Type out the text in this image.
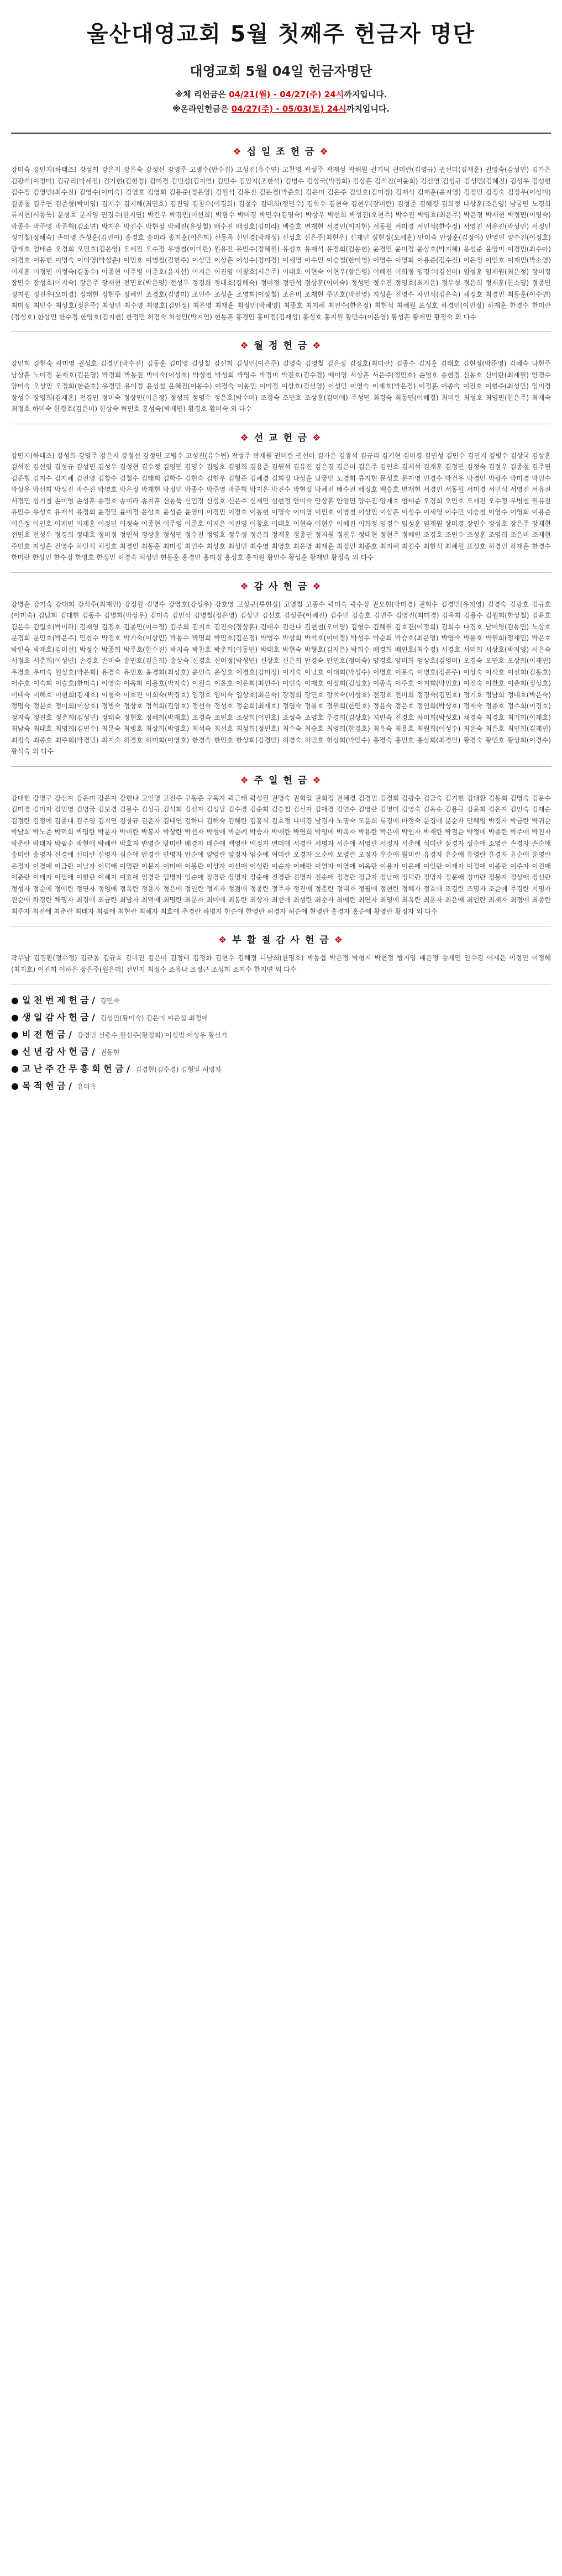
울산대영교회 5월 첫째주 헌금자 명단
대영교회 5월 04일 헌금자명단
※체 리헌금은 04/21(월) - 04/27(주) 24시까지입니다.
※온라인헌금은 04/27(주) - 05/03(토) 24시까지입니다.
❖ 십 일 조 헌 금 ❖
강미숙 강민지(하태조) 강성희 강은지 강은숙 강정선 강영주 고병수(안수집) 고성진(유수연) 고찬영 곽성주 곽재성 곽해원 권기덕 권미란(김영규) 권선미(김재훈) 권영숙(강성민) 김가은 김광석(이정미) 김규리(박세진) 김기현(김현정) 김미경 김민성(김지연) 김민수 김민지(조한석) 김병수 김상국(박정희) 김상훈 김석진(이윤희) 김선영 김성규 김성민(김혜진) 김성우 김성현 김수정 김영민(최수진) 김영수(이미숙) 김영호 김영희 김용준(정은영) 김원석 김유진 김은경(박준호) 김은미 김은주 김인호(김미정) 김재석 김재훈(윤지영) 김정민 김정숙 김정우(이상미) 김종철 김주연 김준형(박미영) 김지수 김지혜(최민호) 김진영 김창수(이경희) 김철수 김태희(정민수) 김학수 김현숙 김현우(장미란) 김형준 김혜경 김희정 나상훈(조은영) 남궁민 노경희 류지현(서동욱) 문성호 문지영 민경수(한지연) 박건우 박경민(이선희) 박광수 박미경 박민수(김영숙) 박상우 박선희 박성진(오현주) 박수진 박영호(최은주) 박은정 박재현 박정민(이영숙) 박종수 박주영 박준혁(김소연) 박지은 박진수 박현정 박혜진(윤상철) 배수진 배정호(김미라) 백승호 변재현 서경민(이지현) 서동원 서미경 서민석(한수정) 서영진 서유진(박성민) 서정민 성기철(정해숙) 손미영 손성훈(김민아) 송경호 송미라 송지훈(이은희) 신동욱 신민경(박재성) 신성호 신은주(최현우) 신재민 심현정(오세훈) 안미숙 안상훈(김정아) 안영민 양수진(이정호) 양재호 엄태준 오경희 오민호(김은영) 오세진 오수정 우병철(이미란) 원유진 유민수(정혜원) 유성호 유재석 유정희(김동현) 윤경민 윤미정 윤상호(박지혜) 윤성준 윤영미 이경민(최수아) 이경호 이동현 이명숙 이미영(박상훈) 이민호 이병철(김현주) 이상민 이상훈 이성수(정미경) 이세영 이수민 이승철(한미영) 이영수 이영희 이용준(김수진) 이은정 이인호 이재민(박소영) 이재훈 이정민 이정숙(김동수) 이종현 이주영 이준호(윤지선) 이지은 이진영 이창호(서은주) 이태호 이현숙 이현우(장은영) 이혜진 이희정 임경수(김선미) 임성훈 임재원(최은정) 장미경 장민수 장성호(이지숙) 장은주 장재현 전민호(박은영) 전성우 정경희 정대호(김혜숙) 정미정 정민석 정상훈(이미숙) 정성민 정수진 정영호(최지은) 정우성 정은희 정재훈(한소영) 정종민 정지원 정진우(오미경) 정태현 정현주 정혜인 조경호(김영미) 조민수 조성훈 조영희(이상철) 조은비 조재현 주민호(박선영) 지성훈 진영수 차민석(김은숙) 채정호 최경민 최동훈(이수연) 최미정 최민수 최상호(정은주) 최성민 최수영 최영호(김민정) 최은영 최재훈 최정민(박혜영) 최종호 최지혜 최진수(한은정) 최현석 최혜원 표성호 하경민(이민정) 하재훈 한경수 한미란(정성호) 한상민 한수정 한영호(김지현) 한정민 허경숙 허성민(박지연) 현동훈 홍경민 홍미정(김재성) 홍성호 홍지원 황민수(이은영) 황성훈 황재민 황정숙 외 다수
❖ 월 정 헌 금 ❖
강민희 강현숙 곽미영 권성호 김경민(박수진) 김동훈 김미영 김상철 김선희 김성민(이은주) 김영숙 김영철 김은정 김정호(최미란) 김종수 김지훈 김태호 김현정(박준영) 김혜숙 나현주 남상훈 노미경 문재호(김은영) 박경희 박동진 박미숙(이성호) 박상철 박성희 박영수 박정미 박진호(김수경) 배미영 서상훈 서은주(정민호) 손영호 송현정 신동호 신미란(최재원) 안경수 양미숙 오상민 오정희(한준호) 유경민 유미정 윤성철 윤혜진(이동수) 이경숙 이동민 이미정 이상호(김선영) 이성민 이영숙 이재호(박은정) 이정훈 이종숙 이진호 이현주(최성민) 임미경 장성수 장영희(김재훈) 전경민 정미숙 정상민(이은정) 정성희 정영수 정은호(박수미) 조경숙 조민호 조상훈(김미애) 주성민 최경숙 최동민(이혜경) 최미란 최성호 최영민(한은주) 최재숙 최정호 하미숙 한경호(김은미) 한상숙 허민호 홍성숙(박재민) 황경호 황미숙 외 다수
❖ 선 교 헌 금 ❖
강민지(하태조) 강성희 강영주 강은지 강정선 강정민 고병수 고성진(유수연) 곽성주 곽재원 권미란 권선미 김가은 김광석 김규리 김기현 김미경 김민성 김민수 김민지 김병수 김상국 김상훈 김석진 김선영 김성규 김성민 김성우 김성현 김수정 김영민 김영수 김영호 김영희 김용준 김원석 김유진 김은경 김은미 김은주 김인호 김재석 김재훈 김정민 김정숙 김정우 김종철 김주연 김준형 김지수 김지혜 김진영 김창수 김철수 김태희 김학수 김현숙 김현우 김형준 김혜경 김희정 나상훈 남궁민 노경희 류지현 문성호 문지영 민경수 박건우 박경민 박광수 박미경 박민수 박상우 박선희 박성진 박수진 박영호 박은정 박재현 박정민 박종수 박주영 박준혁 박지은 박진수 박현정 박혜진 배수진 배정호 백승호 변재현 서경민 서동원 서미경 서민석 서영진 서유진 서정민 성기철 손미영 손성훈 송경호 송미라 송지훈 신동욱 신민경 신성호 신은주 신재민 심현정 안미숙 안상훈 안영민 양수진 양재호 엄태준 오경희 오민호 오세진 오수정 우병철 원유진 유민수 유성호 유재석 유정희 윤경민 윤미정 윤상호 윤성준 윤영미 이경민 이경호 이동현 이명숙 이미영 이민호 이병철 이상민 이상훈 이성수 이세영 이수민 이승철 이영수 이영희 이용준 이은정 이인호 이재민 이재훈 이정민 이정숙 이종현 이주영 이준호 이지은 이진영 이창호 이태호 이현숙 이현우 이혜진 이희정 임경수 임성훈 임재원 장미경 장민수 장성호 장은주 장재현 전민호 전성우 정경희 정대호 정미정 정민석 정상훈 정성민 정수진 정영호 정우성 정은희 정재훈 정종민 정지원 정진우 정태현 정현주 정혜인 조경호 조민수 조성훈 조영희 조은비 조재현 주민호 지성훈 진영수 차민석 채정호 최경민 최동훈 최미정 최민수 최상호 최성민 최수영 최영호 최은영 최재훈 최정민 최종호 최지혜 최진수 최현석 최혜원 표성호 하경민 하재훈 한경수 한미란 한상민 한수정 한영호 한정민 허경숙 허성민 현동훈 홍경민 홍미정 홍성호 홍지원 황민수 황성훈 황재민 황정숙 외 다수
❖ 감 사 헌 금 ❖
강병훈 강기숙 강대희 강석주(최재민) 강정원 김명수 강영호(강성우) 강호영 고상규(류현정) 고영철 고종수 곽미숙 곽수정 권오현(박미경) 권혁수 김경민(유지영) 김경숙 김광호 김규호(이미숙) 김남희 김대현 김동수 김명희(박상우) 김미숙 김민석 김병철(정은영) 김상민 김선호 김성준(이혜진) 김수민 김승호 김연주 김영진(최미경) 김옥희 김용수 김원희(한상철) 김윤호 김은수 김일호(박미라) 김재영 김정호 김종민(이수정) 김주희 김지호 김진숙(정상훈) 김태수 김한나 김현철(오미영) 김형수 김혜원 김호진(이정희) 김희수 나경호 남미영(김동민) 노상호 문경희 문민호(박은주) 민성수 박경호 박기숙(이상민) 박동수 박명희 박민호(김은정) 박병수 박상희 박석호(이미경) 박성수 박순희 박승호(최은영) 박영숙 박용호 박원희(정재민) 박은호 박인숙 박재호(김미선) 박정수 박종희 박주호(한수진) 박지숙 박찬호 박춘희(이동민) 박태호 박현숙 박형호(김지은) 박희수 배경희 배민호(최수경) 서경호 서미희 서상호(박지영) 서은숙 서정호 서춘희(이성민) 손경호 손미숙 송민호(김은희) 송상숙 신경호 신미정(박성민) 신상호 신은희 안경숙 안민호(정미숙) 양경호 양미희 엄상호(김영미) 오경숙 오민호 오상희(이재민) 우경호 우미숙 원상호(박은희) 유경숙 유민호 윤경희(최성호) 윤민숙 윤상호 이경호(김미정) 이기숙 이남호 이대희(박성수) 이명호 이문숙 이병호(정은주) 이상숙 이석호 이선희(김동호) 이수호 이숙희 이승호(한미숙) 이영숙 이옥희 이용호(박지숙) 이원숙 이윤호 이은희(최민수) 이인숙 이재호 이정희(김성호) 이종숙 이주호 이지희(박민호) 이진숙 이찬호 이춘희(정상호) 이태숙 이해호 이현희(김재호) 이형숙 이호진 이희숙(박경호) 임경호 임미숙 임상호(최은숙) 장경희 장민호 장석숙(이성호) 전경호 전미희 정경숙(김민호) 정기호 정남희 정대호(박은숙) 정명숙 정문호 정미희(이상호) 정병숙 정상호 정석희(김영호) 정선숙 정성호 정순희(최재호) 정영숙 정용호 정원희(한민호) 정윤숙 정은호 정인희(박상호) 정재숙 정종호 정주희(이경호) 정지숙 정진호 정춘희(김성민) 정태숙 정현호 정혜희(박재호) 조경숙 조민호 조상희(이민호) 조성숙 조영호 주경희(김상호) 지민숙 진경호 차미희(박성호) 채경숙 최경호 최기희(이재호) 최남숙 최대호 최명희(김민수) 최문숙 최병호 최상희(박영호) 최석숙 최선호 최성희(정민호) 최수숙 최승호 최영희(한경호) 최옥숙 최용호 최원희(이성수) 최윤숙 최은호 최인희(김재민) 최정숙 최종호 최주희(박경민) 최지숙 하경호 하미희(이영호) 한경숙 한민호 한상희(김경민) 허경숙 허민호 현상희(박민수) 홍경숙 홍민호 홍상희(최경민) 황경숙 황민호 황상희(이경수) 황석숙 외 다수
❖ 주 일 헌 금 ❖
강대현 강명구 강신자 강은미 강은자 강현나 고인영 고진주 구동준 구옥자 곽근태 곽성원 권명숙 권혁일 권희정 권혜경 김경민 김경희 김광수 김금숙 김기현 김대환 김동희 김명숙 김문수 김미경 김미자 김민영 김병국 김보경 김봉수 김상규 김석희 김선자 김성남 김수경 김순희 김승철 김신자 김애경 김연수 김영란 김영미 김영숙 김옥순 김용규 김윤희 김은자 김인숙 김재순 김정란 김정애 김종대 김주영 김지연 김창규 김춘자 김태연 김하나 김해숙 김혜란 김홍식 김효정 나미경 남경자 노명숙 도윤희 류경애 마정숙 문경애 문순자 민혜영 박경자 박금란 박귀순 박남희 박노준 박덕희 박명란 박문자 박미란 박봉자 박상란 박선자 박성애 박순례 박승자 박애란 박연희 박영애 박옥자 박용란 박은애 박인자 박재란 박점순 박정애 박종란 박주애 박진자 박춘란 박태자 박필순 박현애 박혜란 박효자 반영순 방미란 배경자 배순애 백영란 백정자 변미애 서경란 서명자 서순애 서영란 서정자 서춘애 석미란 설경자 성순애 소영란 손경자 손순애 송미란 송영자 신경애 신미란 신영자 심순애 안경란 안명자 안순애 양영란 양정자 엄순애 여미란 오경자 오순애 오영란 오정자 우순애 원미란 유경자 유순애 유영란 윤경자 윤순애 윤영란 은정자 이경애 이금란 이남자 이덕애 이명란 이문자 이미애 이봉란 이상자 이선애 이성란 이순자 이애란 이연자 이영애 이옥란 이용자 이은애 이인란 이재자 이정애 이종란 이주자 이진애 이춘란 이태자 이필애 이현란 이혜자 이효애 임경란 임명자 임순애 장경란 장명자 장순애 전경란 전명자 전순애 정경란 정금자 정남애 정덕란 정명자 정문애 정미란 정봉자 정상애 정선란 정성자 정순애 정애란 정연자 정영애 정옥란 정용자 정은애 정인란 정재자 정점애 정종란 정주자 정진애 정춘란 정태자 정필애 정현란 정혜자 정효애 조경란 조명자 조순애 주경란 지명자 진순애 차경란 채명자 최경애 최금란 최남자 최덕애 최명란 최문자 최미애 최봉란 최상자 최선애 최성란 최순자 최애란 최연자 최영애 최옥란 최용자 최은애 최인란 최재자 최정애 최종란 최주자 최진애 최춘란 최태자 최필애 최현란 최혜자 최효애 추경란 하명자 한순애 한영란 허경자 허순애 현영란 홍경자 홍순애 황영란 황정자 외 다수
❖ 부 활 절 감 사 헌 금 ❖
곽부남 김경환(정수정) 김규동 김규효 김미진 김은미 김정태 김정화 김현수 김혜정 나남희(한명호) 박동섭 박은정 박형지 박현정 방지영 배은정 송재민 안수경 이재은 이정민 이정혜(최지호) 이진희 이하은 장은주(원은미) 전인지 최정수 조유나 조정근 조성희 조지수 한지연 외 다수
● 일 천 번 제 헌 금 / 강민숙
● 생 일 감 사 헌 금 / 김성민(황미숙) 김은미 이은실 최정애
● 비 전 헌 금 / 강경민 신충수 원선주(황정희) 이성범 이상우 황선기
● 신 년 감 사 헌 금 / 권동현
● 고 난 주 간 무 흥 회 헌 금 / 김경현(김수경) 김형일 허영자
● 목 적 헌 금 / 유미옥
